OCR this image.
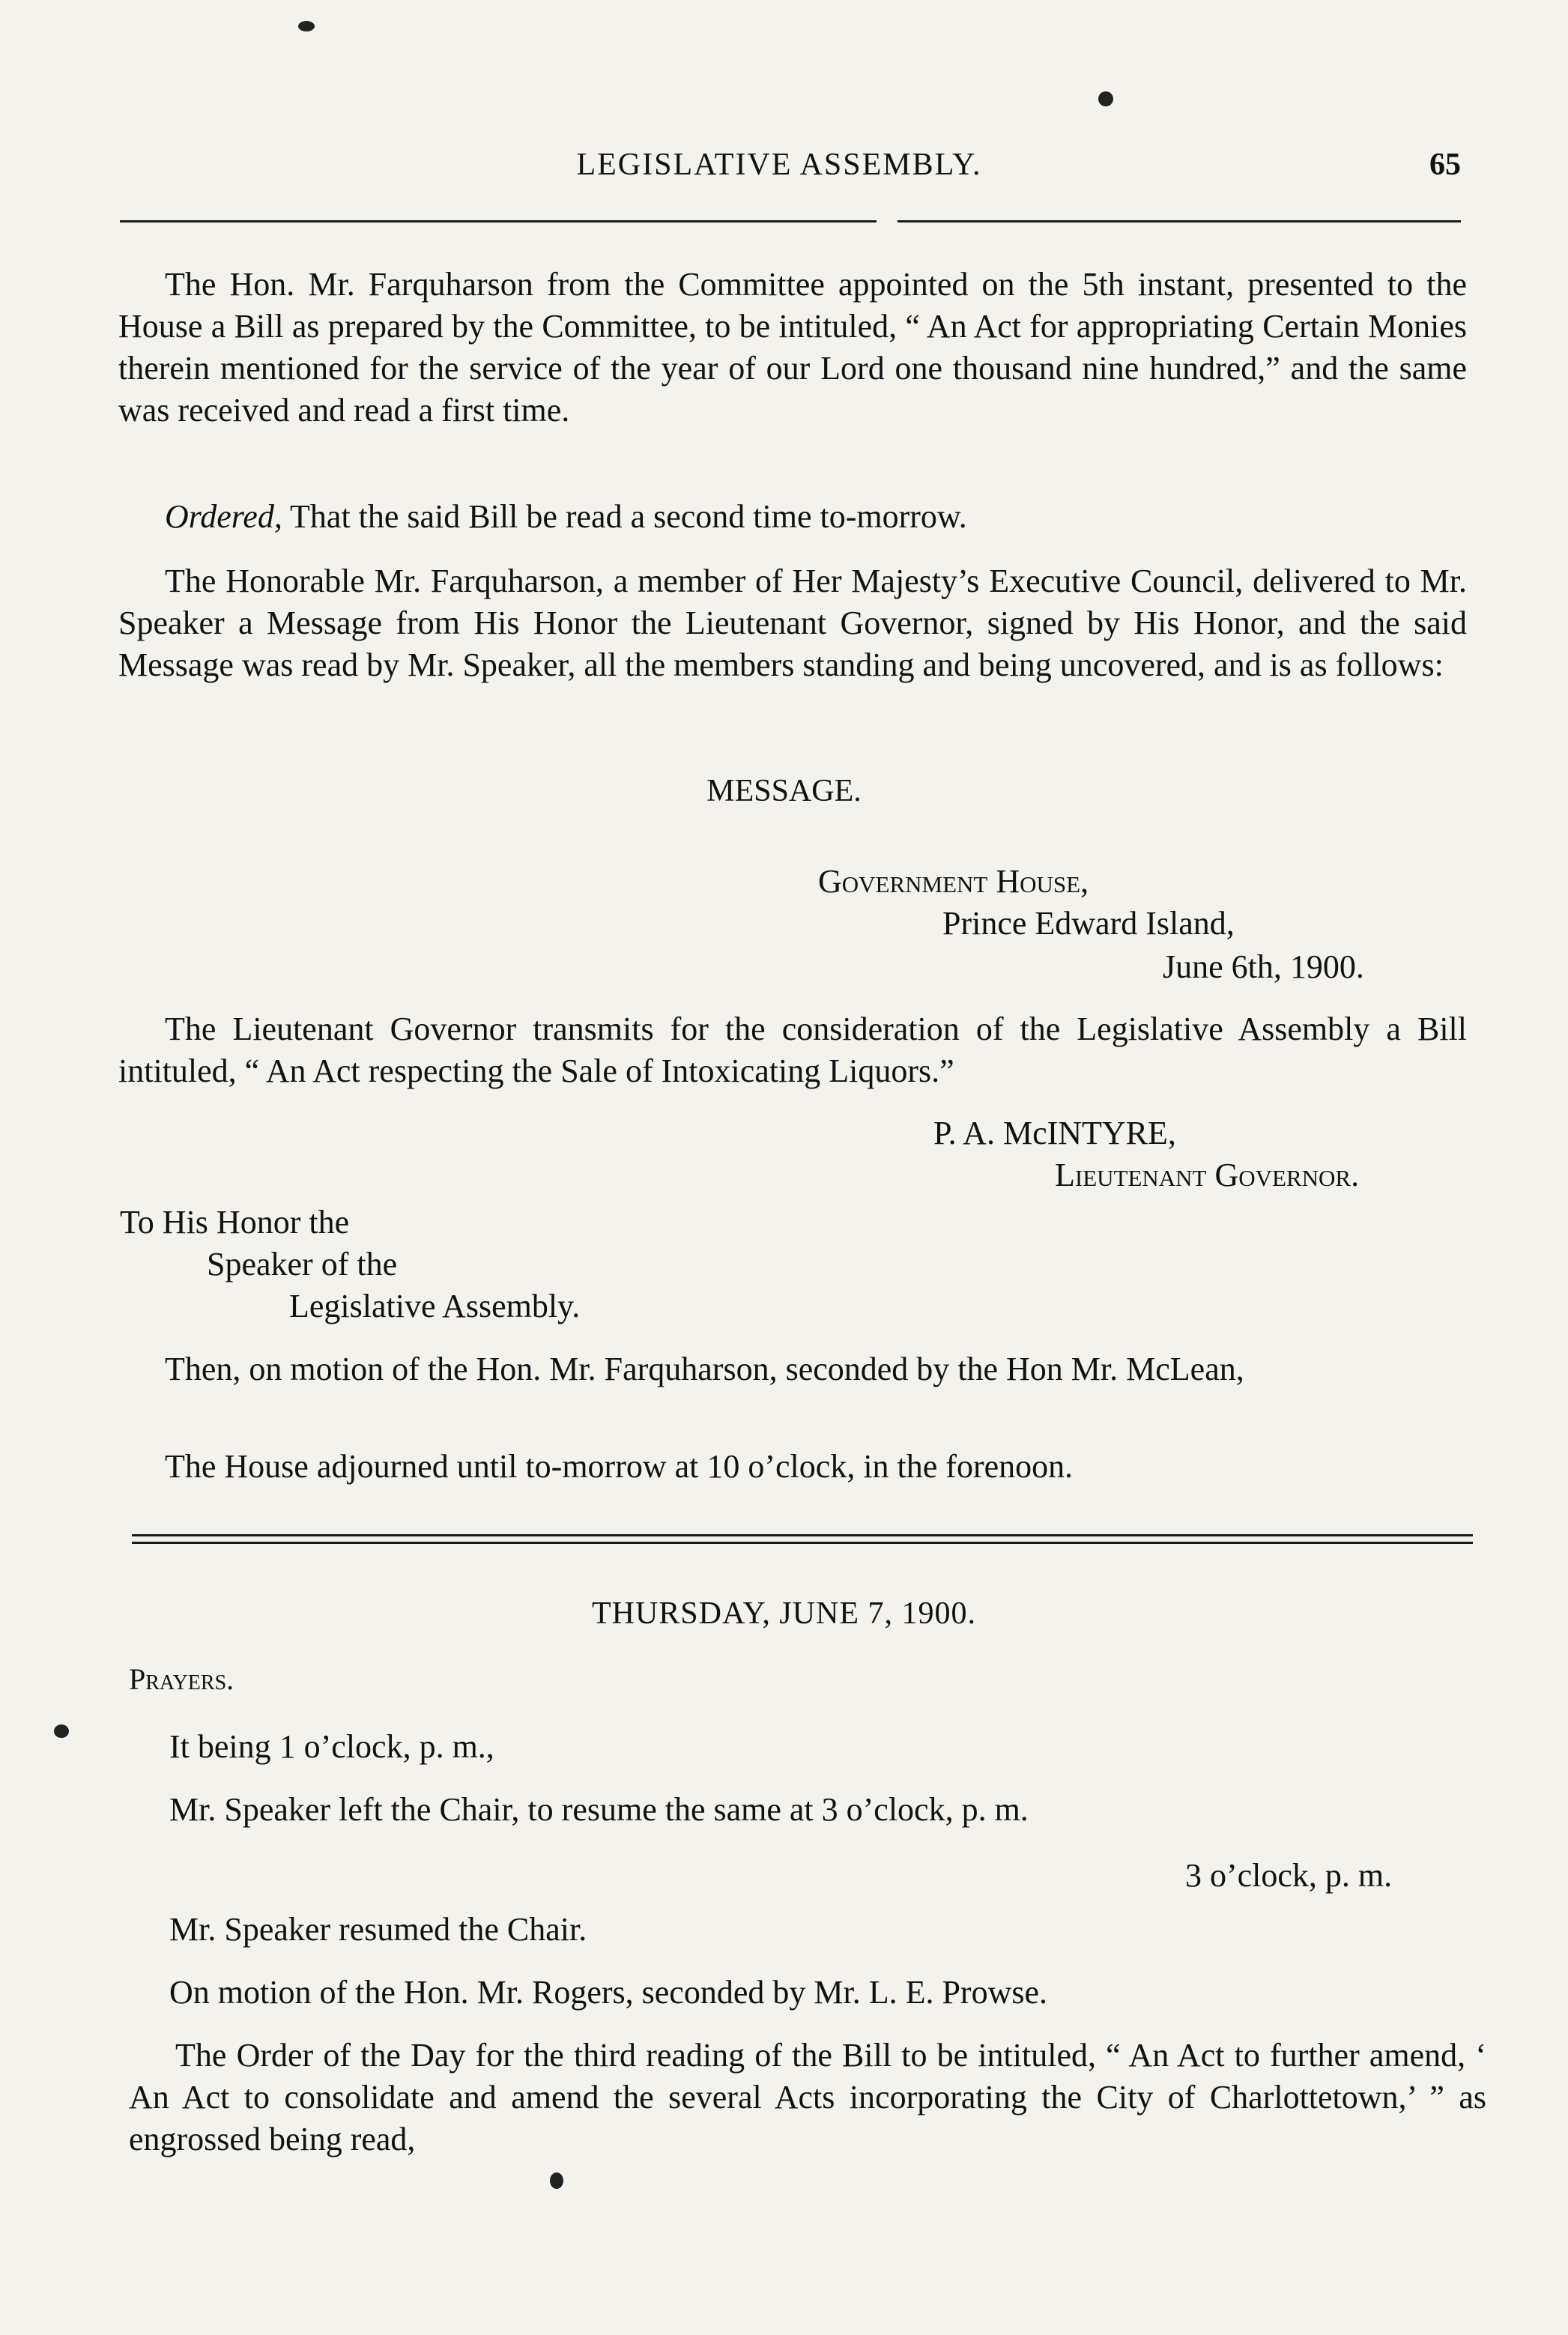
LEGISLATIVE ASSEMBLY.	65
The Hon. Mr. Farquharson from the Committee appointed on the 5th instant, presented to the House a Bill as prepared by the Committee, to be intituled, “ An Act for appropriating Certain Monies therein mentioned for the service of the year of our Lord one thousand nine hundred,” and the same was received and read a first time.
Ordered, That the said Bill be read a second time to-morrow.
The Honorable Mr. Farquharson, a member of Her Majesty’s Executive Council, delivered to Mr. Speaker a Message from His Honor the Lieutenant Governor, signed by His Honor, and the said Message was read by Mr. Speaker, all the members standing and being uncovered, and is as follows:
MESSAGE.
Government House,
Prince Edward Island,
June 6th, 1900.
The Lieutenant Governor transmits for the consideration of the Legislative Assembly a Bill intituled, “ An Act respecting the Sale of Intoxicating Liquors.”
P. A. McINTYRE,
Lieutenant Governor.
To His Honor the
Speaker of the
Legislative Assembly.
Then, on motion of the Hon. Mr. Farquharson, seconded by the Hon Mr. McLean,
The House adjourned until to-morrow at 10 o’clock, in the forenoon.
THURSDAY, JUNE 7, 1900.
Prayers.
It being 1 o’clock, p. m.,
Mr. Speaker left the Chair, to resume the same at 3 o’clock, p. m.
3 o’clock, p. m.
Mr. Speaker resumed the Chair.
On motion of the Hon. Mr. Rogers, seconded by Mr. L. E. Prowse.
The Order of the Day for the third reading of the Bill to be intituled, “ An Act to further amend, ‘ An Act to consolidate and amend the several Acts incorporating the City of Charlottetown,’ ” as engrossed being read,
